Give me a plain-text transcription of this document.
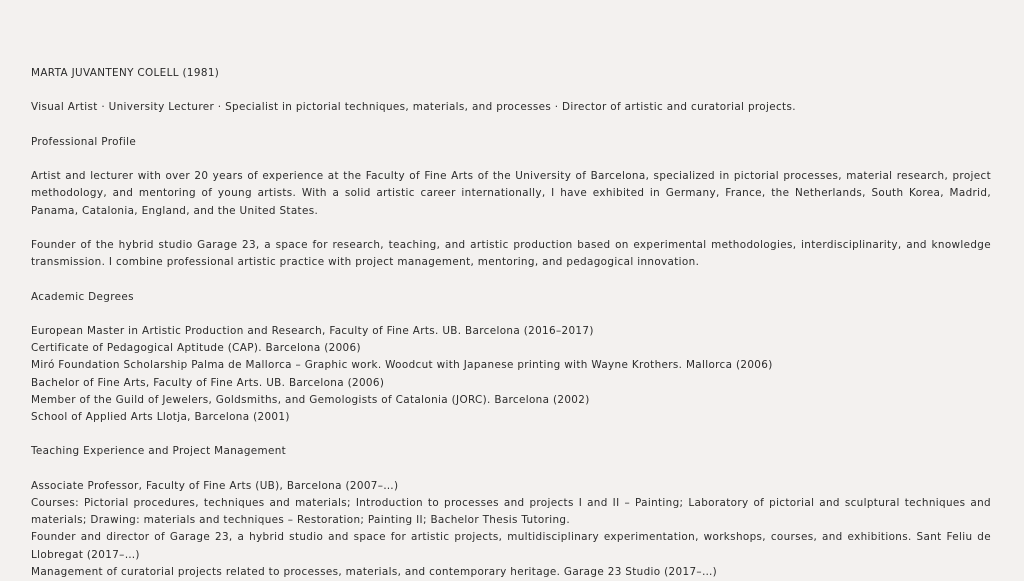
MARTA JUVANTENY COLELL (1981)
Visual Artist · University Lecturer · Specialist in pictorial techniques, materials, and processes · Director of artistic and curatorial projects.
Professional Profile
Artist and lecturer with over 20 years of experience at the Faculty of Fine Arts of the University of Barcelona, specialized in pictorial processes, material research, project methodology, and mentoring of young artists. With a solid artistic career internationally, I have exhibited in Germany, France, the Netherlands, South Korea, Madrid, Panama, Catalonia, England, and the United States.
Founder of the hybrid studio Garage 23, a space for research, teaching, and artistic production based on experimental methodologies, interdisciplinarity, and knowledge transmission. I combine professional artistic practice with project management, mentoring, and pedagogical innovation.
Academic Degrees
European Master in Artistic Production and Research, Faculty of Fine Arts. UB. Barcelona (2016–2017)
Certificate of Pedagogical Aptitude (CAP). Barcelona (2006)
Miró Foundation Scholarship Palma de Mallorca – Graphic work. Woodcut with Japanese printing with Wayne Krothers. Mallorca (2006)
Bachelor of Fine Arts, Faculty of Fine Arts. UB. Barcelona (2006)
Member of the Guild of Jewelers, Goldsmiths, and Gemologists of Catalonia (JORC). Barcelona (2002)
School of Applied Arts Llotja, Barcelona (2001)
Teaching Experience and Project Management
Associate Professor, Faculty of Fine Arts (UB), Barcelona (2007–…)
Courses: Pictorial procedures, techniques and materials; Introduction to processes and projects I and II – Painting; Laboratory of pictorial and sculptural techniques and materials; Drawing: materials and techniques – Restoration; Painting II; Bachelor Thesis Tutoring.
Founder and director of Garage 23, a hybrid studio and space for artistic projects, multidisciplinary experimentation, workshops, courses, and exhibitions. Sant Feliu de Llobregat (2017–…)
Management of curatorial projects related to processes, materials, and contemporary heritage. Garage 23 Studio (2017–…)
